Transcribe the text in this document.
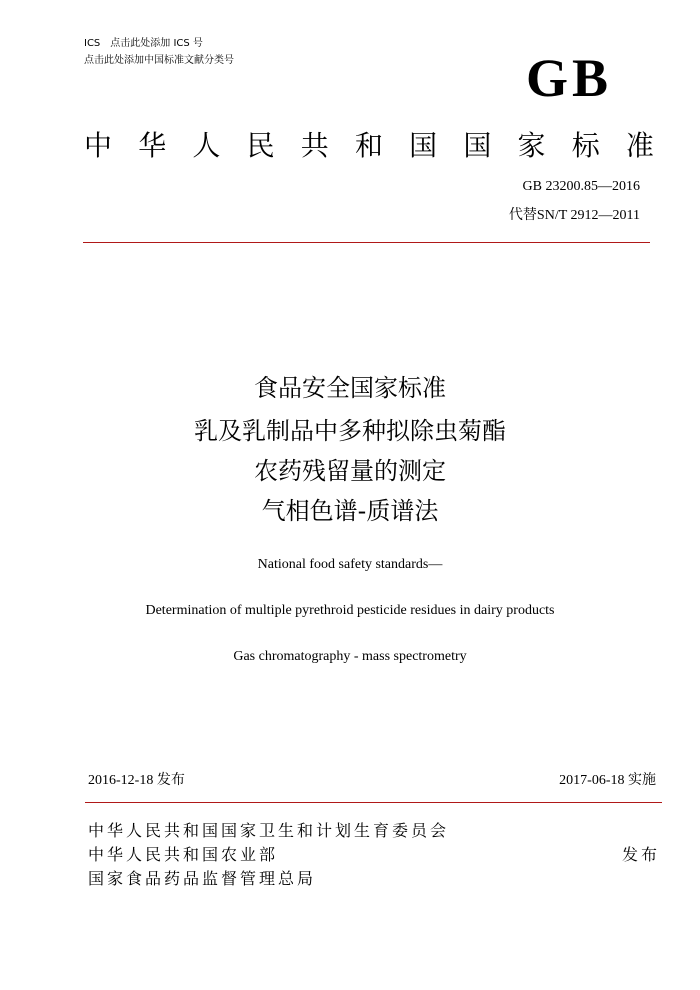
ICS　点击此处添加 ICS 号
点击此处添加中国标准文献分类号	GB
中 华 人 民 共 和 国 国 家 标 准
GB 23200.85—2016
代替SN/T 2912—2011
食品安全国家标准
乳及乳制品中多种拟除虫菊酯
农药残留量的测定
气相色谱-质谱法
National food safety standards—
Determination of multiple pyrethroid pesticide residues in dairy products
Gas chromatography - mass spectrometry
2016-12-18 发布	2017-06-18 实施
中华人民共和国国家卫生和计划生育委员会
中华人民共和国农业部
国家食品药品监督管理总局
发布
